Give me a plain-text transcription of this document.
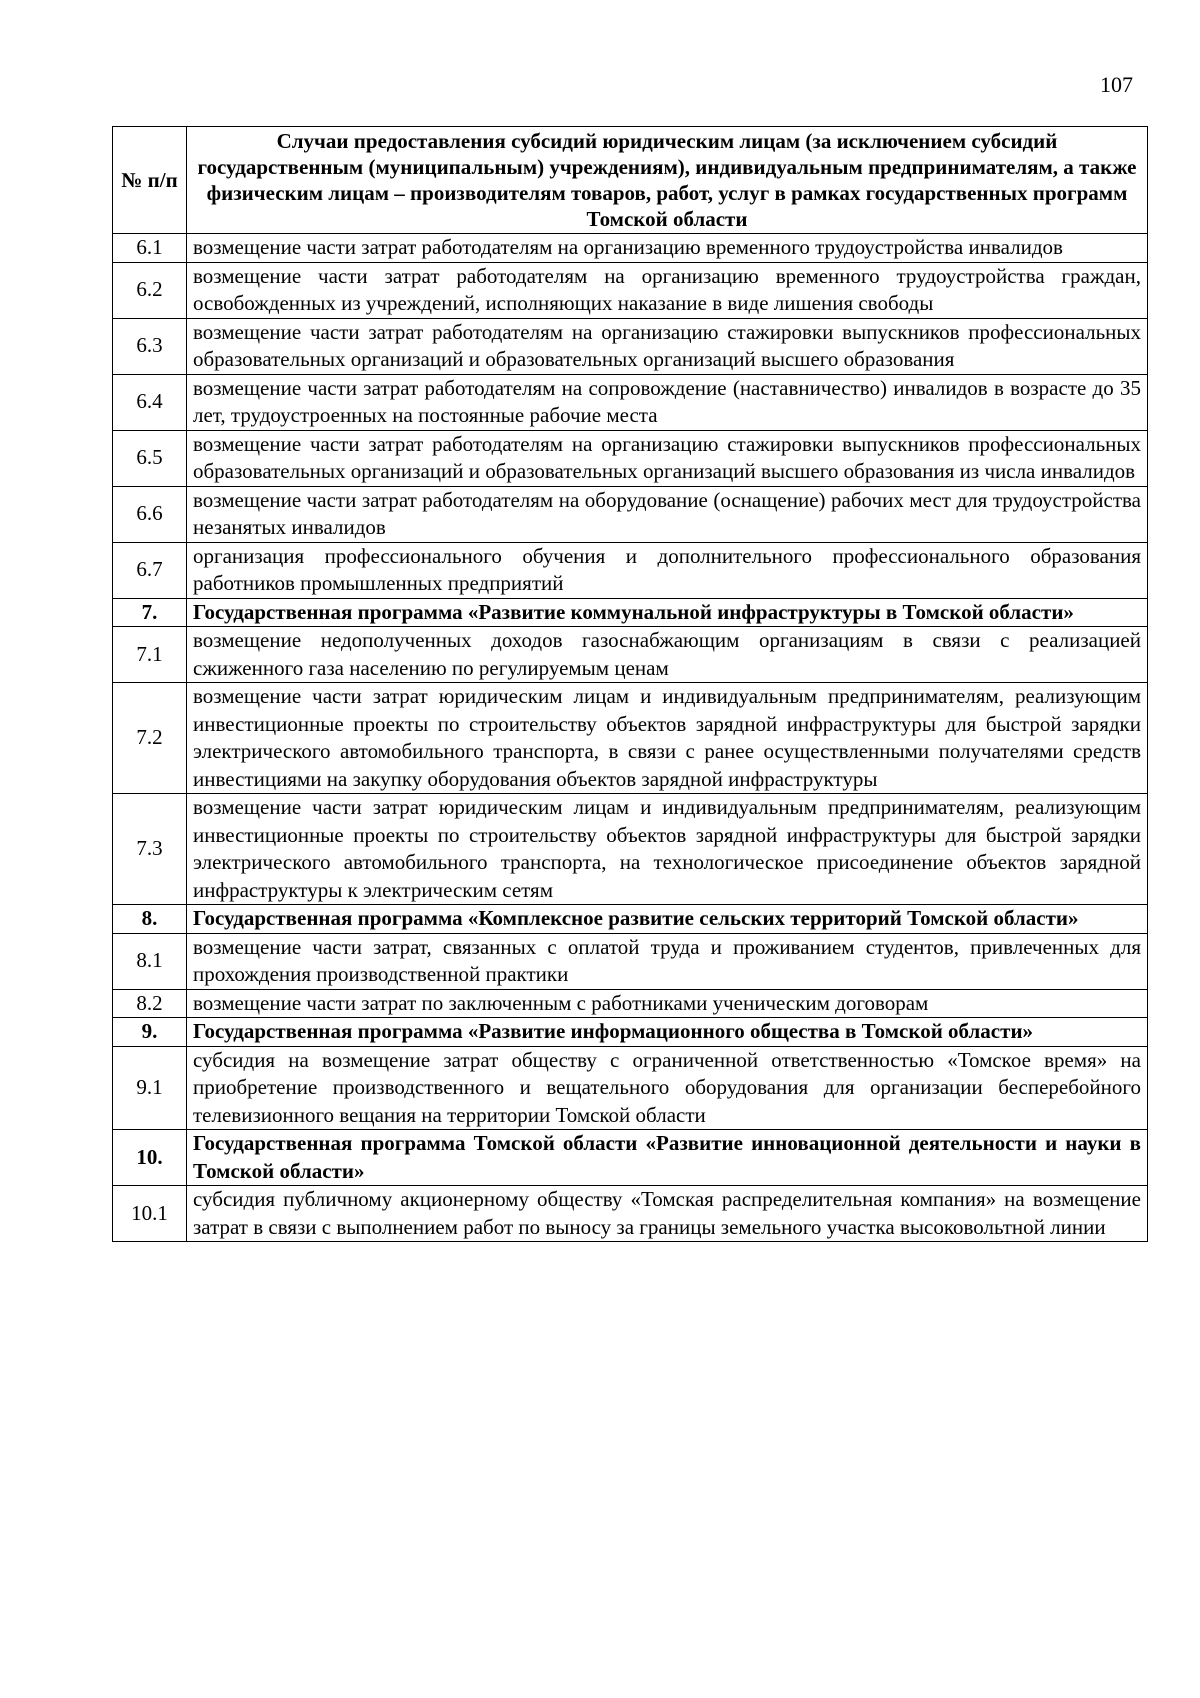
107
№ п/п	Случаи предоставления субсидий юридическим лицам (за исключением субсидий государственным (муниципальным) учреждениям), индивидуальным предпринимателям, а также физическим лицам – производителям товаров, работ, услуг в рамках государственных программ Томской области
6.1	возмещение части затрат работодателям на организацию временного трудоустройства инвалидов
6.2	возмещение части затрат работодателям на организацию временного трудоустройства граждан, освобожденных из учреждений, исполняющих наказание в виде лишения свободы
6.3	возмещение части затрат работодателям на организацию стажировки выпускников профессиональных образовательных организаций и образовательных организаций высшего образования
6.4	возмещение части затрат работодателям на сопровождение (наставничество) инвалидов в возрасте до 35 лет, трудоустроенных на постоянные рабочие места
6.5	возмещение части затрат работодателям на организацию стажировки выпускников профессиональных образовательных организаций и образовательных организаций высшего образования из числа инвалидов
6.6	возмещение части затрат работодателям на оборудование (оснащение) рабочих мест для трудоустройства незанятых инвалидов
6.7	организация профессионального обучения и дополнительного профессионального образования работников промышленных предприятий
7.	Государственная программа «Развитие коммунальной инфраструктуры в Томской области»
7.1	возмещение недополученных доходов газоснабжающим организациям в связи с реализацией сжиженного газа населению по регулируемым ценам
7.2	возмещение части затрат юридическим лицам и индивидуальным предпринимателям, реализующим инвестиционные проекты по строительству объектов зарядной инфраструктуры для быстрой зарядки электрического автомобильного транспорта, в связи с ранее осуществленными получателями средств инвестициями на закупку оборудования объектов зарядной инфраструктуры
7.3	возмещение части затрат юридическим лицам и индивидуальным предпринимателям, реализующим инвестиционные проекты по строительству объектов зарядной инфраструктуры для быстрой зарядки электрического автомобильного транспорта, на технологическое присоединение объектов зарядной инфраструктуры к электрическим сетям
8.	Государственная программа «Комплексное развитие сельских территорий Томской области»
8.1	возмещение части затрат, связанных с оплатой труда и проживанием студентов, привлеченных для прохождения производственной практики
8.2	возмещение части затрат по заключенным с работниками ученическим договорам
9.	Государственная программа «Развитие информационного общества в Томской области»
9.1	субсидия на возмещение затрат обществу с ограниченной ответственностью «Томское время» на приобретение производственного и вещательного оборудования для организации бесперебойного телевизионного вещания на территории Томской области
10.	Государственная программа Томской области «Развитие инновационной деятельности и науки в Томской области»
10.1	субсидия публичному акционерному обществу «Томская распределительная компания» на возмещение затрат в связи с выполнением работ по выносу за границы земельного участка высоковольтной линии
